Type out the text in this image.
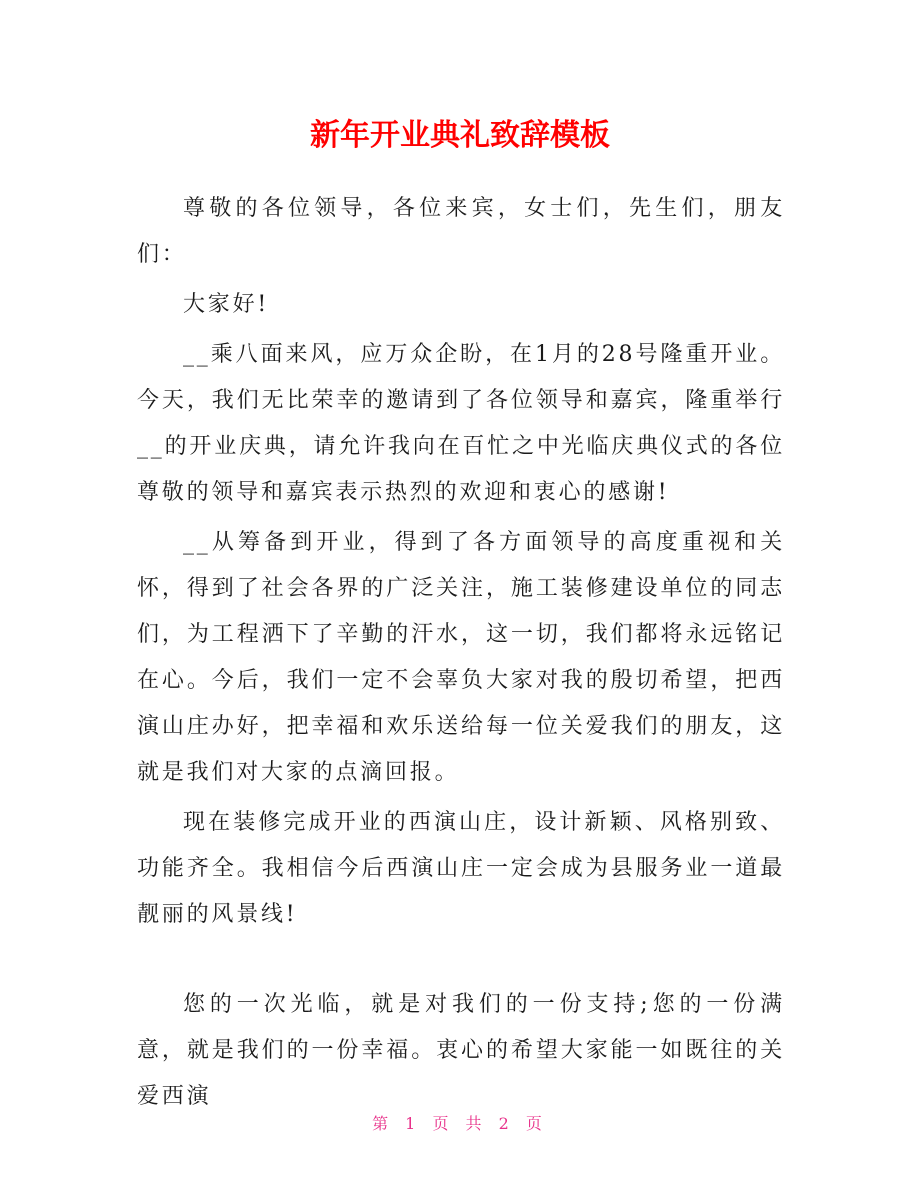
新年开业典礼致辞模板

尊敬的各位领导，各位来宾，女士们，先生们，朋友们：

大家好!

__乘八面来风，应万众企盼，在1月的28号隆重开业。今天，我们无比荣幸的邀请到了各位领导和嘉宾，隆重举行__的开业庆典，请允许我向在百忙之中光临庆典仪式的各位尊敬的领导和嘉宾表示热烈的欢迎和衷心的感谢!

__从筹备到开业，得到了各方面领导的高度重视和关怀，得到了社会各界的广泛关注，施工装修建设单位的同志们，为工程洒下了辛勤的汗水，这一切，我们都将永远铭记在心。今后，我们一定不会辜负大家对我的殷切希望，把西演山庄办好，把幸福和欢乐送给每一位关爱我们的朋友，这就是我们对大家的点滴回报。

现在装修完成开业的西演山庄，设计新颖、风格别致、功能齐全。我相信今后西演山庄一定会成为县服务业一道最靓丽的风景线!

您的一次光临，就是对我们的一份支持;您的一份满意，就是我们的一份幸福。衷心的希望大家能一如既往的关爱西演

第 1 页 共 2 页
